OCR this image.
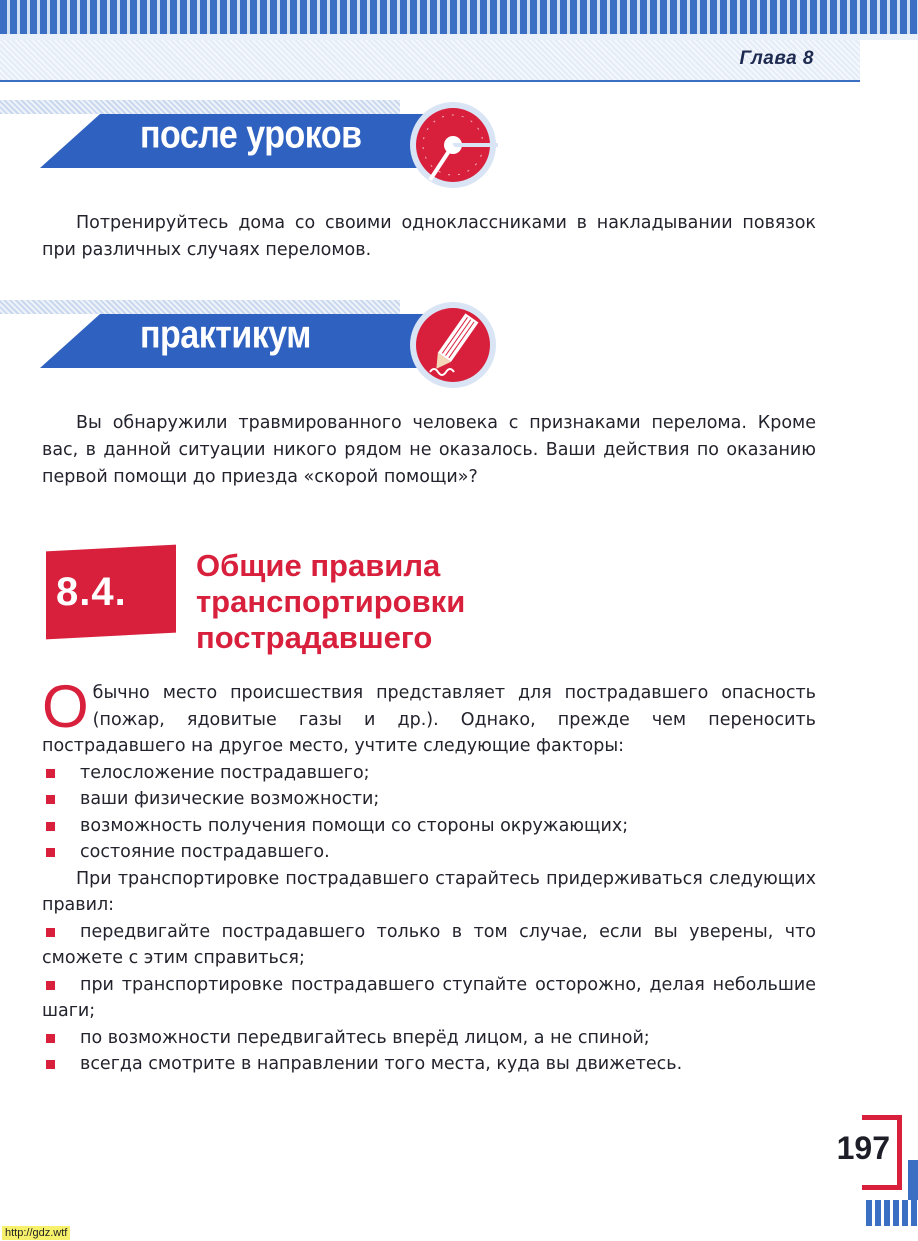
Глава 8
после уроков
Потренируйтесь дома со своими одноклассниками в накладывании повязок при различных случаях переломов.
практикум
Вы обнаружили травмированного человека с признаками перелома. Кроме вас, в данной ситуации никого рядом не оказалось. Ваши действия по оказанию первой помощи до приезда «скорой помощи»?
8.4.
Общие правила
транспортировки
пострадавшего
Обычно место происшествия представляет для пострадавшего опасность (пожар, ядовитые газы и др.). Однако, прежде чем переносить пострадавшего на другое место, учтите следующие факторы:
телосложение пострадавшего;
ваши физические возможности;
возможность получения помощи со стороны окружающих;
состояние пострадавшего.
При транспортировке пострадавшего старайтесь придерживаться следующих правил:
передвигайте пострадавшего только в том случае, если вы уверены, что сможете с этим справиться;
при транспортировке пострадавшего ступайте осторожно, делая небольшие шаги;
по возможности передвигайтесь вперёд лицом, а не спиной;
всегда смотрите в направлении того места, куда вы движетесь.
197
http://gdz.wtf
